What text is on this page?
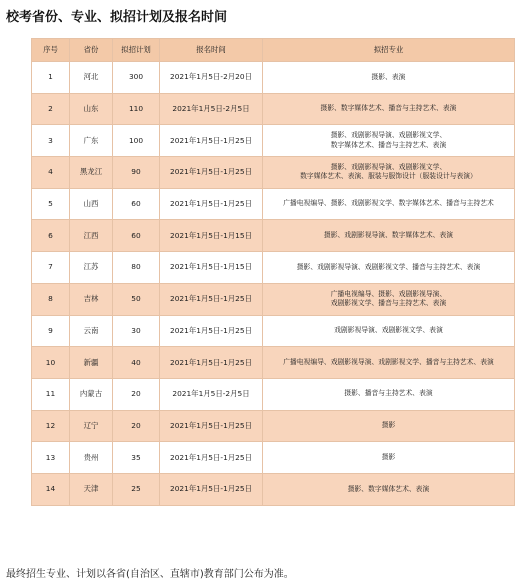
校考省份、专业、拟招计划及报名时间
序号	省份	拟招计划	报名时间	拟招专业
1	河北	300	2021年1月5日-2月20日	摄影、表演

2	山东	110	2021年1月5日-2月5日	摄影、数字媒体艺术、播音与主持艺术、表演

3	广东	100	2021年1月5日-1月25日	摄影、戏剧影视导演、戏剧影视文学、
数字媒体艺术、播音与主持艺术、表演

4	黑龙江	90	2021年1月5日-1月25日	摄影、戏剧影视导演、戏剧影视文学、
数字媒体艺术、表演、服装与服饰设计（服装设计与表演）

5	山西	60	2021年1月5日-1月25日	广播电视编导、摄影、戏剧影视文学、数字媒体艺术、播音与主持艺术

6	江西	60	2021年1月5日-1月15日	摄影、戏剧影视导演、数字媒体艺术、表演

7	江苏	80	2021年1月5日-1月15日	摄影、戏剧影视导演、戏剧影视文学、播音与主持艺术、表演

8	吉林	50	2021年1月5日-1月25日	广播电视编导、摄影、戏剧影视导演、
戏剧影视文学、播音与主持艺术、表演

9	云南	30	2021年1月5日-1月25日	戏剧影视导演、戏剧影视文学、表演

10	新疆	40	2021年1月5日-1月25日	广播电视编导、戏剧影视导演、戏剧影视文学、播音与主持艺术、表演

11	内蒙古	20	2021年1月5日-2月5日	摄影、播音与主持艺术、表演

12	辽宁	20	2021年1月5日-1月25日	摄影

13	贵州	35	2021年1月5日-1月25日	摄影

14	天津	25	2021年1月5日-1月25日	摄影、数字媒体艺术、表演
最终招生专业、计划以各省(自治区、直辖市)教育部门公布为准。
